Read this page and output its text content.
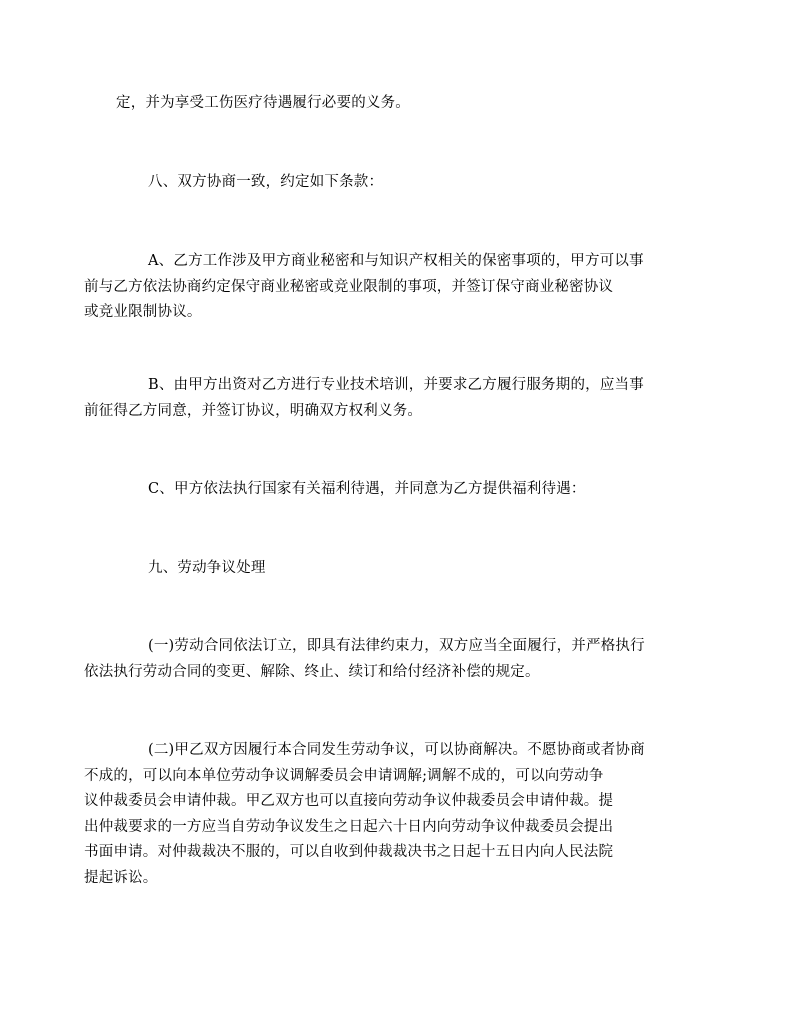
定，并为享受工伤医疗待遇履行必要的义务。

八、双方协商一致，约定如下条款：

A、乙方工作涉及甲方商业秘密和与知识产权相关的保密事项的，甲方可以事
前与乙方依法协商约定保守商业秘密或竞业限制的事项，并签订保守商业秘密协议
或竞业限制协议。

B、由甲方出资对乙方进行专业技术培训，并要求乙方履行服务期的，应当事
前征得乙方同意，并签订协议，明确双方权利义务。

C、甲方依法执行国家有关福利待遇，并同意为乙方提供福利待遇：

九、劳动争议处理

(一)劳动合同依法订立，即具有法律约束力，双方应当全面履行，并严格执行
依法执行劳动合同的变更、解除、终止、续订和给付经济补偿的规定。

(二)甲乙双方因履行本合同发生劳动争议，可以协商解决。不愿协商或者协商
不成的，可以向本单位劳动争议调解委员会申请调解;调解不成的，可以向劳动争
议仲裁委员会申请仲裁。甲乙双方也可以直接向劳动争议仲裁委员会申请仲裁。提
出仲裁要求的一方应当自劳动争议发生之日起六十日内向劳动争议仲裁委员会提出
书面申请。对仲裁裁决不服的，可以自收到仲裁裁决书之日起十五日内向人民法院
提起诉讼。
